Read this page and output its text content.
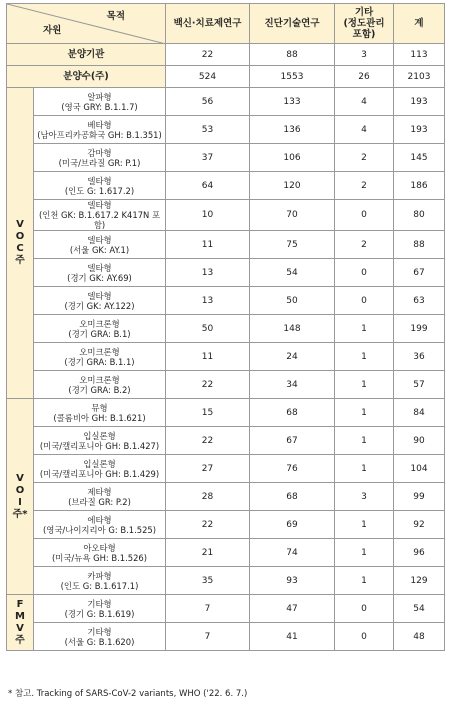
목적
자원		백신·치료제연구	진단기술연구	기타
(정도관리
포함)	계
분양기관		22	88	3	113
분양수(주)		524	1553	26	2103

V
O
C
주	알파형
(영국 GRY: B.1.1.7)	56	133	4	193

	베타형
(남아프리카공화국 GH: B.1.351)	53	136	4	193

	감마형
(미국/브라질 GR: P.1)	37	106	2	145

	델타형
(인도 G: 1.617.2)	64	120	2	186

	델타형
(인천 GK: B.1.617.2 K417N 포함)	10	70	0	80

	델타형
(서울 GK: AY.1)	11	75	2	88

	델타형
(경기 GK: AY.69)	13	54	0	67

	델타형
(경기 GK: AY.122)	13	50	0	63

	오미크론형
(경기 GRA: B.1)	50	148	1	199

	오미크론형
(경기 GRA: B.1.1)	11	24	1	36

	오미크론형
(경기 GRA: B.2)	22	34	1	57

V
O
I
주*	뮤형
(콜롬비아 GH: B.1.621)	15	68	1	84

	입실론형
(미국/캘리포니아 GH: B.1.427)	22	67	1	90

	입실론형
(미국/캘리포니아 GH: B.1.429)	27	76	1	104

	제타형
(브라질 GR: P.2)	28	68	3	99

	에타형
(영국/나이지리아 G: B.1.525)	22	69	1	92

	아오타형
(미국/뉴욕 GH: B.1.526)	21	74	1	96

	카파형
(인도 G: B.1.617.1)	35	93	1	129

F
M
V
주	기타형
(경기 G: B.1.619)	7	47	0	54

	기타형
(서울 G: B.1.620)	7	41	0	48
* 참고. Tracking of SARS-CoV-2 variants, WHO ('22. 6. 7.)
